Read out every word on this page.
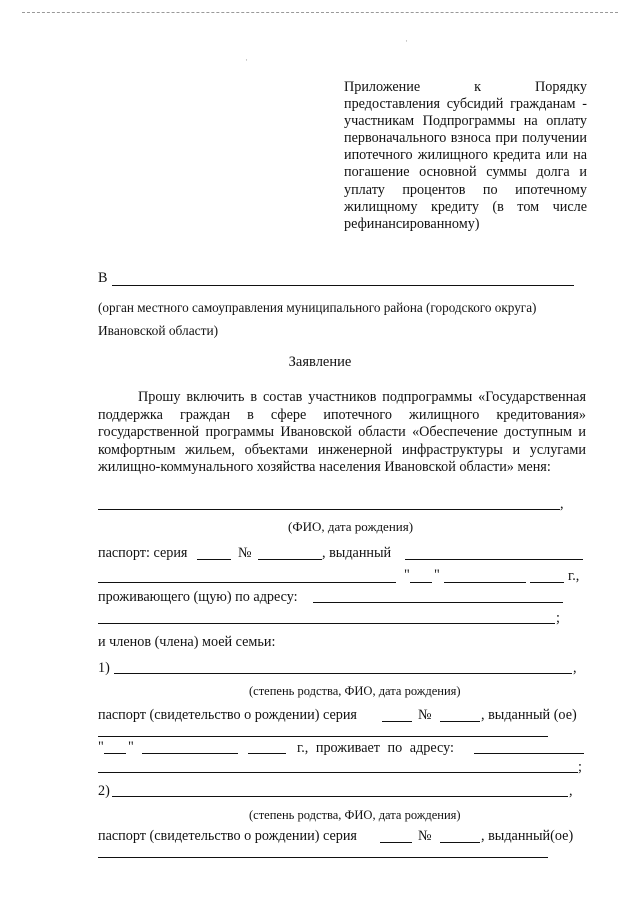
·
·
Приложение	к	Порядку
предоставления субсидий гражданам - участникам Подпрограммы на оплату первоначального взноса при получении ипотечного жилищного кредита или на погашение основной суммы долга и уплату процентов по ипотечному жилищному кредиту (в том числе рефинансированному)
В
(орган местного самоуправления муниципального района (городского округа)
Ивановской области)
Заявление
Прошу включить в состав участников подпрограммы «Государственная поддержка граждан в сфере ипотечного жилищного кредитования» государственной программы Ивановской области «Обеспечение доступным и комфортным жильем, объектами инженерной инфраструктуры и услугами жилищно-коммунального хозяйства населения Ивановской области» меня:
,
(ФИО, дата рождения)
паспорт: серия	№	, выданный
" "	г.,
проживающего (щую) по адресу:
;
и членов (члена) моей семьи:
1)	,
(степень родства, ФИО, дата рождения)
паспорт (свидетельство о рождении) серия	№	, выданный (ое)
" "	г., проживает по адресу:
;
2)	,
(степень родства, ФИО, дата рождения)
паспорт (свидетельство о рождении) серия	№	, выданный(ое)
